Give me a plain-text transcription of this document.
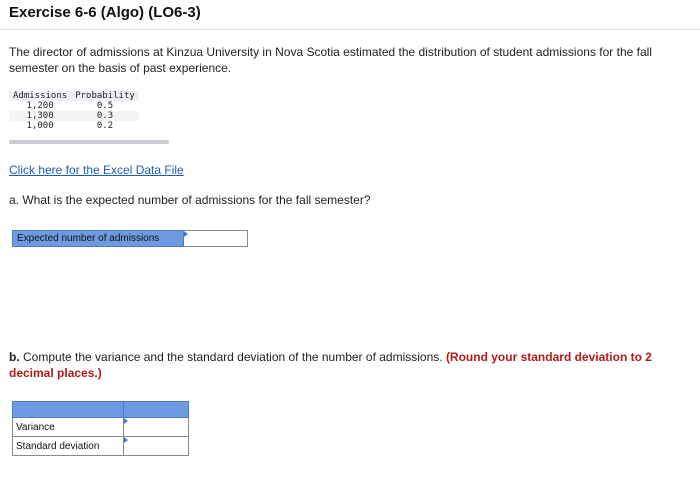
Exercise 6-6 (Algo) (LO6-3)

The director of admissions at Kinzua University in Nova Scotia estimated the distribution of student admissions for the fall semester on the basis of past experience.

Admissions	Probability
1,200	0.5
1,300	0.3
1,000	0.2
Click here for the Excel Data File

a. What is the expected number of admissions for the fall semester?

Expected number of admissions

b. Compute the variance and the standard deviation of the number of admissions. (Round your standard deviation to 2 decimal places.)

Variance	

Standard deviation	
